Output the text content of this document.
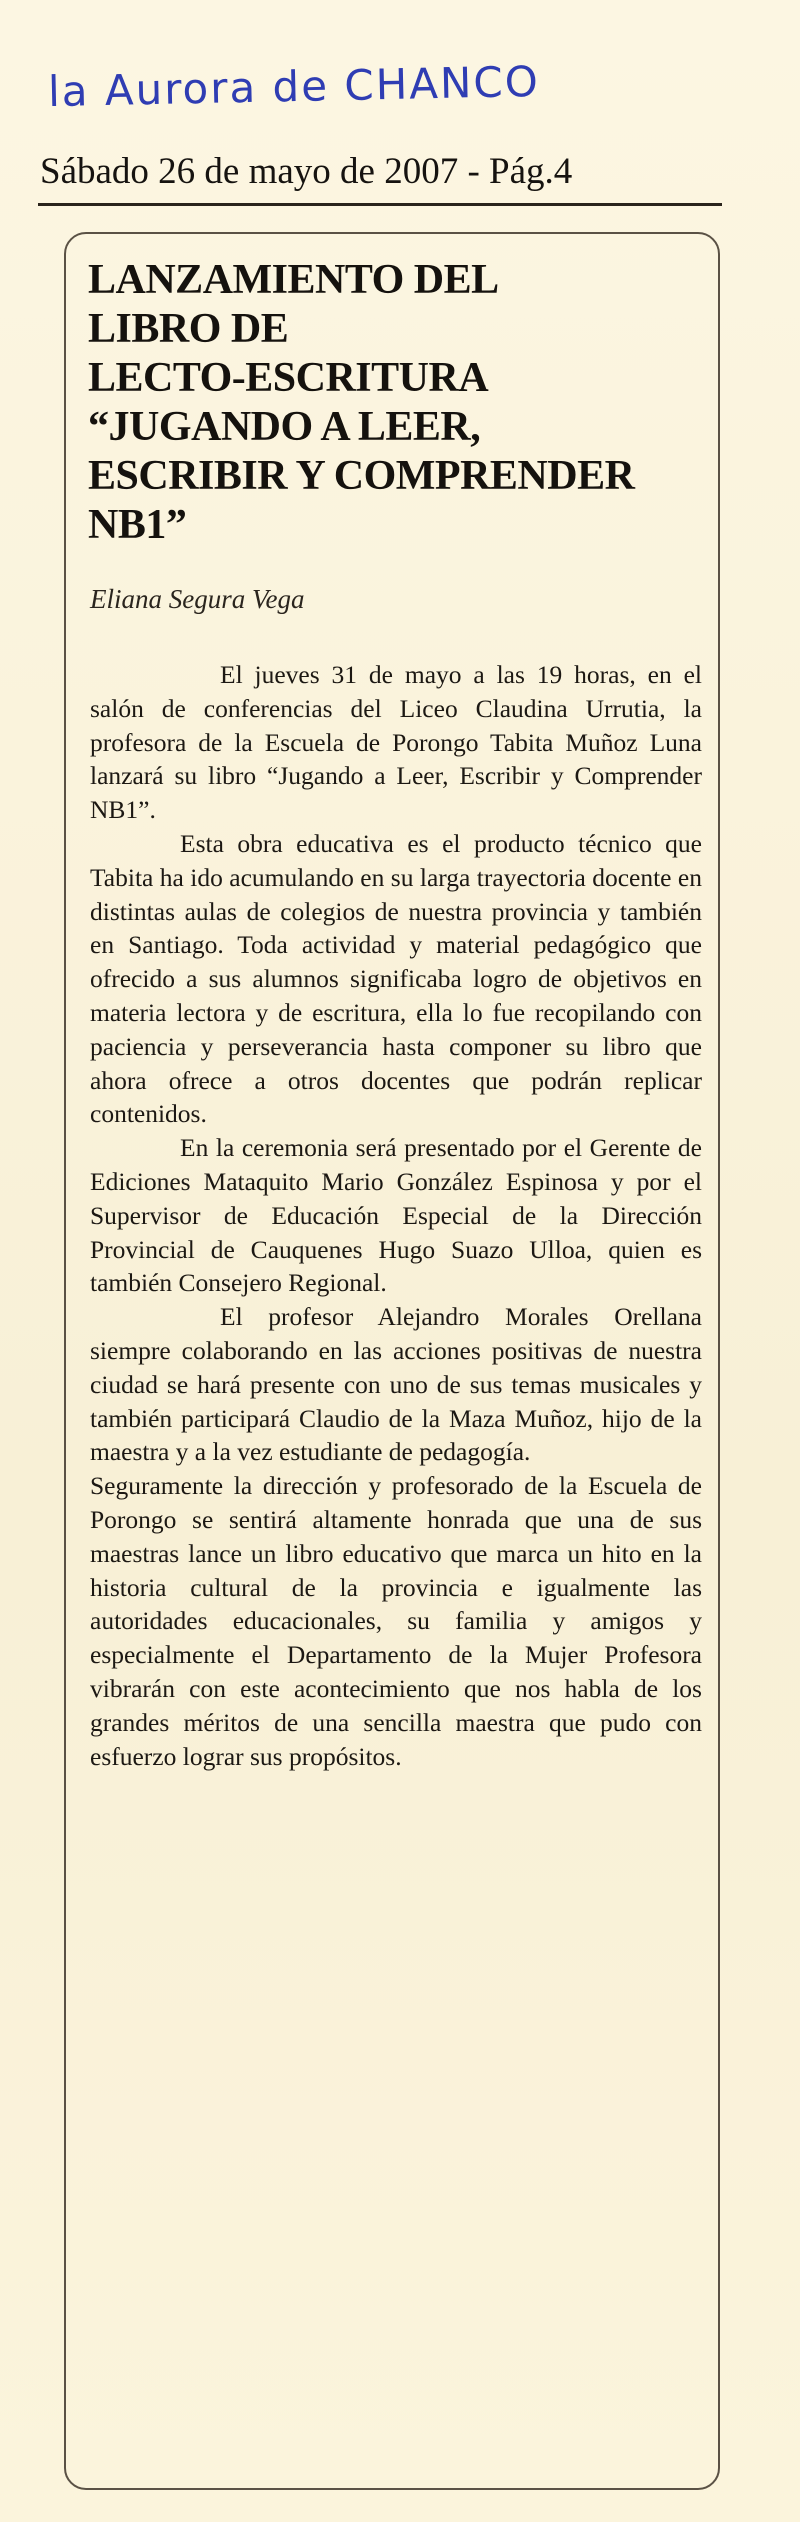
la Aurora de CHANCO
Sábado 26 de mayo de 2007 - Pág.4
LANZAMIENTO DEL
LIBRO DE
LECTO-ESCRITURA
“JUGANDO A LEER,
ESCRIBIR Y COMPRENDER
NB1”
Eliana Segura Vega

El jueves 31 de mayo a las 19 horas, en el salón de conferencias del Liceo Claudina Urrutia, la profesora de la Escuela de Porongo Tabita Muñoz Luna lanzará su libro “Jugando a Leer, Escribir y Comprender NB1”.

Esta obra educativa es el producto técnico que Tabita ha ido acumulando en su larga trayectoria docente en distintas aulas de colegios de nuestra provincia y también en Santiago. Toda actividad y material pedagógico que ofrecido a sus alumnos significaba logro de objetivos en materia lectora y de escritura, ella lo fue recopilando con paciencia y perseverancia hasta componer su libro que ahora ofrece a otros docentes que podrán replicar contenidos.

En la ceremonia será presentado por el Gerente de Ediciones Mataquito Mario González Espinosa y por el Supervisor de Educación Especial de la Dirección Provincial de Cauquenes Hugo Suazo Ulloa, quien es también Consejero Regional.

El profesor Alejandro Morales Orellana siempre colaborando en las acciones positivas de nuestra ciudad se hará presente con uno de sus temas musicales y también participará Claudio de la Maza Muñoz, hijo de la maestra y a la vez estudiante de pedagogía.

Seguramente la dirección y profesorado de la Escuela de Porongo se sentirá altamente honrada que una de sus maestras lance un libro educativo que marca un hito en la historia cultural de la provincia e igualmente las autoridades educacionales, su familia y amigos y especialmente el Departamento de la Mujer Profesora vibrarán con este acontecimiento que nos habla de los grandes méritos de una sencilla maestra que pudo con esfuerzo lograr sus propósitos.
